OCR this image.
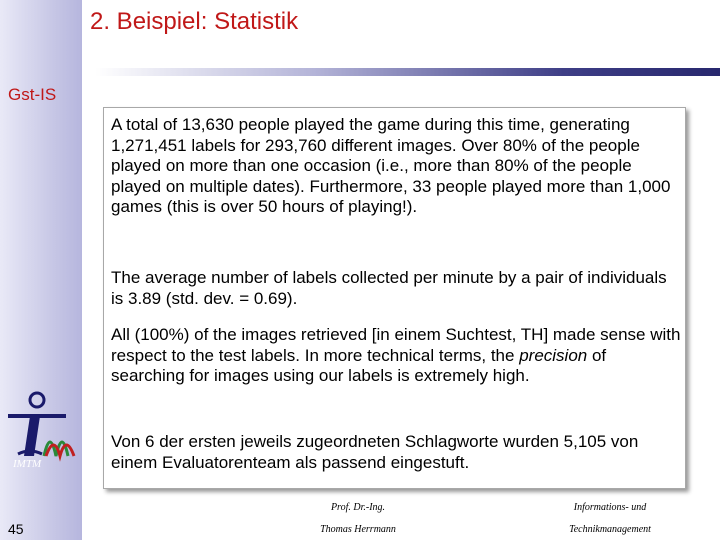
2. Beispiel: Statistik
Gst-IS

A total of 13,630 people played the game during this time, generating 1,271,451 labels for 293,760 different images. Over 80% of the people played on more than one occasion (i.e., more than 80% of the people played on multiple dates). Furthermore, 33 people played more than 1,000 games (this is over 50 hours of playing!).

The average number of labels collected per minute by a pair of individuals is 3.89 (std. dev. = 0.69).

All (100%) of the images retrieved [in einem Suchtest, TH] made sense with respect to the test labels. In more technical terms, the precision of searching for images using our labels is extremely high.

Von 6 der ersten jeweils zugeordneten Schlagworte wurden 5,105 von einem Evaluatorenteam als passend eingestuft.

IMTM
45
Prof. Dr.-Ing.
Thomas Herrmann
Informations- und
Technikmanagement
